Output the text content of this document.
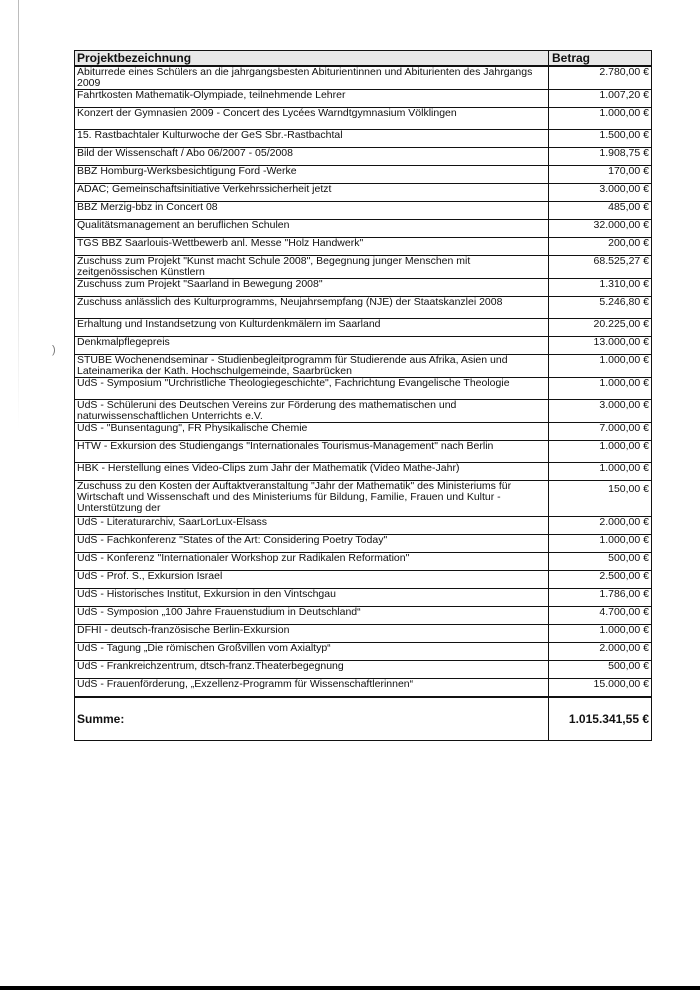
)
Projektbezeichnung	Betrag
Abiturrede eines Schülers an die jahrgangsbesten Abiturientinnen und Abiturienten des Jahrgangs 2009	2.780,00 €
Fahrtkosten Mathematik-Olympiade, teilnehmende Lehrer	1.007,20 €
Konzert der Gymnasien 2009 - Concert des Lycées Warndtgymnasium Völklingen	1.000,00 €
15. Rastbachtaler Kulturwoche der GeS Sbr.-Rastbachtal	1.500,00 €
Bild der Wissenschaft / Abo 06/2007 - 05/2008	1.908,75 €
BBZ Homburg-Werksbesichtigung Ford -Werke	170,00 €
ADAC; Gemeinschaftsinitiative Verkehrssicherheit jetzt	3.000,00 €
BBZ Merzig-bbz in Concert 08	485,00 €
Qualitätsmanagement an beruflichen Schulen	32.000,00 €
TGS BBZ Saarlouis-Wettbewerb anl. Messe "Holz Handwerk"	200,00 €
Zuschuss zum Projekt "Kunst macht Schule 2008", Begegnung junger Menschen mit zeitgenössischen Künstlern	68.525,27 €
Zuschuss zum Projekt "Saarland in Bewegung 2008"	1.310,00 €
Zuschuss anlässlich des Kulturprogramms, Neujahrsempfang (NJE) der Staatskanzlei 2008	5.246,80 €
Erhaltung und Instandsetzung von Kulturdenkmälern im Saarland	20.225,00 €
Denkmalpflegepreis	13.000,00 €
STUBE Wochenendseminar - Studienbegleitprogramm für Studierende aus Afrika, Asien und Lateinamerika der Kath. Hochschulgemeinde, Saarbrücken	1.000,00 €
UdS - Symposium "Urchristliche Theologiegeschichte", Fachrichtung Evangelische Theologie	1.000,00 €
UdS - Schüleruni des Deutschen Vereins zur Förderung des mathematischen und naturwissenschaftlichen Unterrichts e.V.	3.000,00 €
UdS - "Bunsentagung", FR Physikalische Chemie	7.000,00 €
HTW - Exkursion des Studiengangs "Internationales Tourismus-Management" nach Berlin	1.000,00 €
HBK - Herstellung eines Video-Clips zum Jahr der Mathematik (Video Mathe-Jahr)	1.000,00 €
Zuschuss zu den Kosten der Auftaktveranstaltung "Jahr der Mathematik" des Ministeriums für Wirtschaft und Wissenschaft und des Ministeriums für Bildung, Familie, Frauen und Kultur - Unterstützung der	150,00 €
UdS - Literaturarchiv, SaarLorLux-Elsass	2.000,00 €
UdS - Fachkonferenz "States of the Art: Considering Poetry Today"	1.000,00 €
UdS - Konferenz "Internationaler Workshop zur Radikalen Reformation"	500,00 €
UdS - Prof. S., Exkursion Israel	2.500,00 €
UdS - Historisches Institut, Exkursion in den Vintschgau	1.786,00 €
UdS - Symposion „100 Jahre Frauenstudium in Deutschland“	4.700,00 €
DFHI - deutsch-französische Berlin-Exkursion	1.000,00 €
UdS - Tagung „Die römischen Großvillen vom Axialtyp“	2.000,00 €
UdS - Frankreichzentrum, dtsch-franz.Theaterbegegnung	500,00 €
UdS - Frauenförderung, „Exzellenz-Programm für Wissenschaftlerinnen“	15.000,00 €
Summe:	1.015.341,55 €
